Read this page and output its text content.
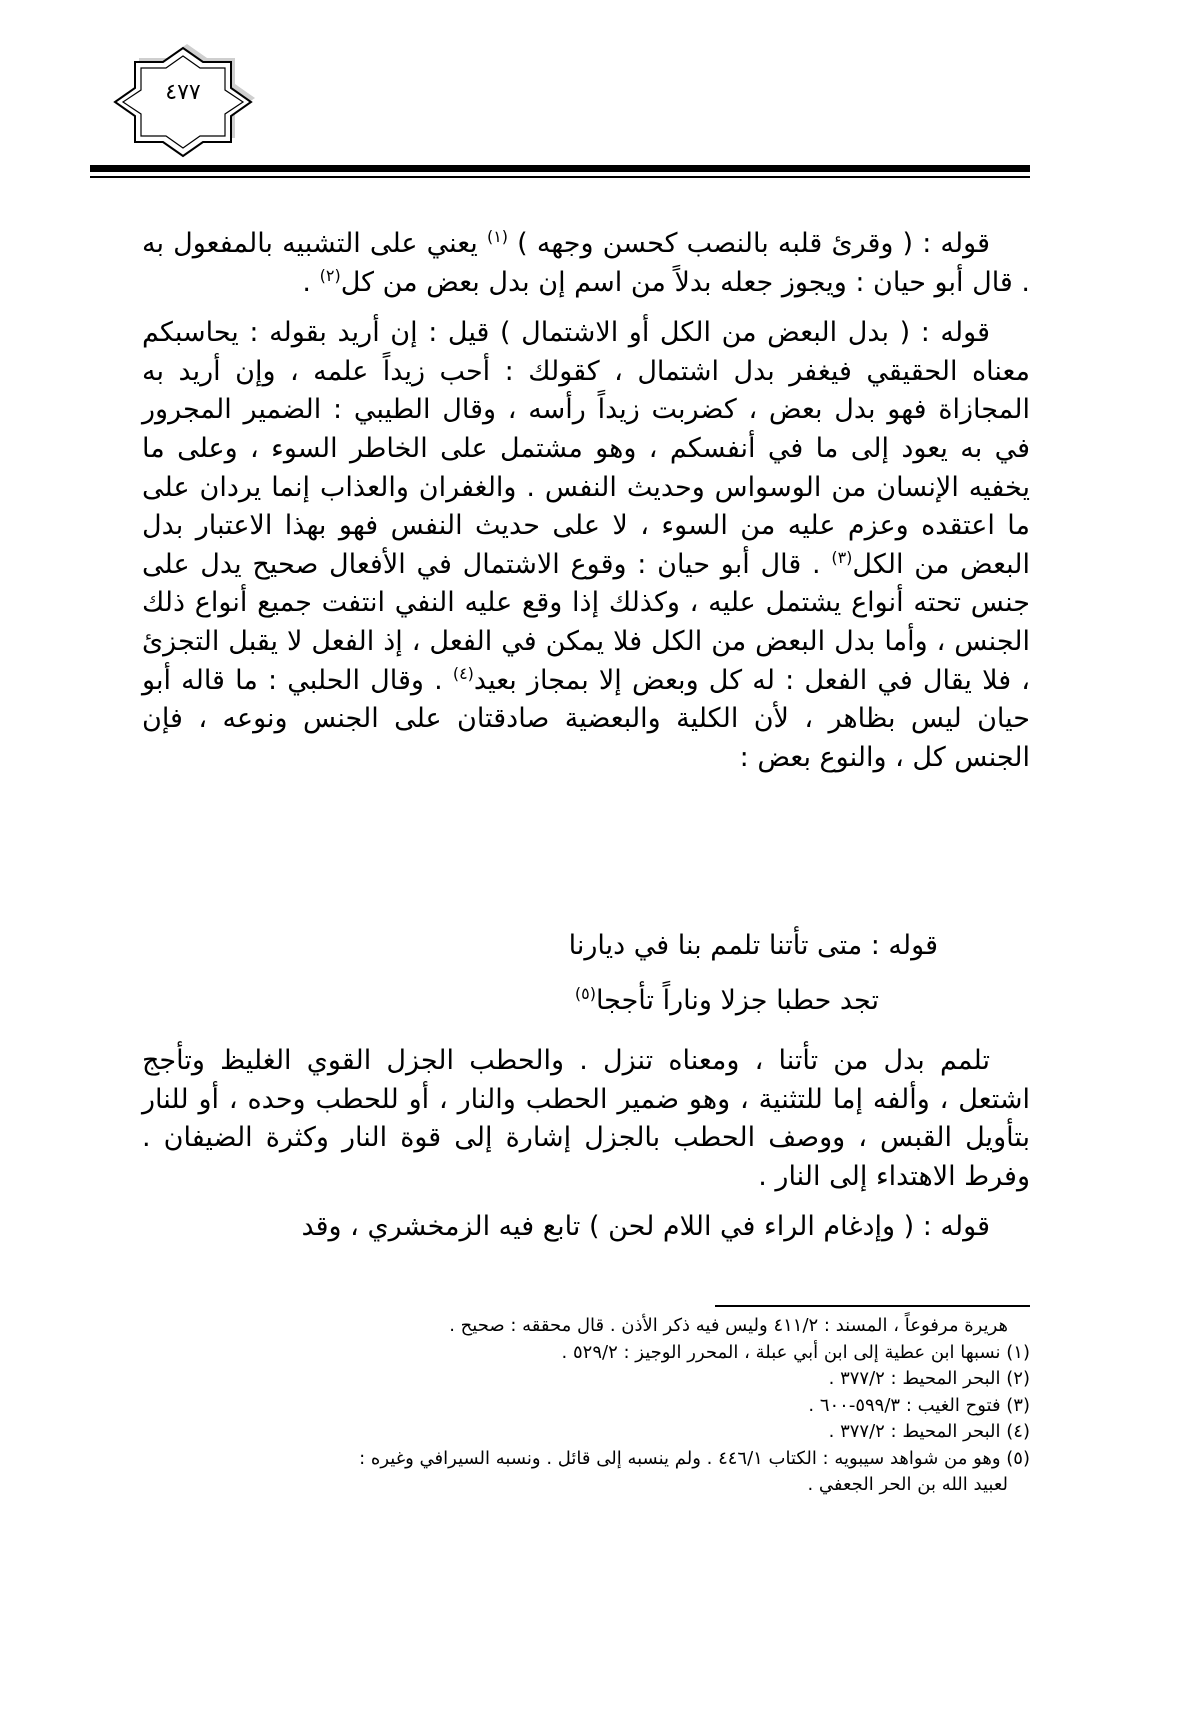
٤٧٧

قوله : ( وقرئ قلبه بالنصب كحسن وجهه ) $^{(١)}$ يعني على التشبيه بالمفعول به . قال أبو حيان : ويجوز جعله بدلاً من اسم إن بدل بعض من كل$^{(٢)}$ .

قوله : ( بدل البعض من الكل أو الاشتمال ) قيل : إن أريد بقوله : يحاسبكم معناه الحقيقي فيغفر بدل اشتمال ، كقولك : أحب زيداً علمه ، وإن أريد به المجازاة فهو بدل بعض ، كضربت زيداً رأسه ، وقال الطيبي : الضمير المجرور في به يعود إلى ما في أنفسكم ، وهو مشتمل على الخاطر السوء ، وعلى ما يخفيه الإنسان من الوسواس وحديث النفس . والغفران والعذاب إنما يردان على ما اعتقده وعزم عليه من السوء ، لا على حديث النفس فهو بهذا الاعتبار بدل البعض من الكل$^{(٣)}$ . قال أبو حيان : وقوع الاشتمال في الأفعال صحيح يدل على جنس تحته أنواع يشتمل عليه ، وكذلك إذا وقع عليه النفي انتفت جميع أنواع ذلك الجنس ، وأما بدل البعض من الكل فلا يمكن في الفعل ، إذ الفعل لا يقبل التجزئ ، فلا يقال في الفعل : له كل وبعض إلا بمجاز بعيد$^{(٤)}$ . وقال الحلبي : ما قاله أبو حيان ليس بظاهر ، لأن الكلية والبعضية صادقتان على الجنس ونوعه ، فإن الجنس كل ، والنوع بعض :

قوله : متى تأتنا تلمم بنا في ديارنا
تجد حطبا جزلا وناراً تأججا$^{(٥)}$

تلمم بدل من تأتنا ، ومعناه تنزل . والحطب الجزل القوي الغليظ وتأجج اشتعل ، وألفه إما للتثنية ، وهو ضمير الحطب والنار ، أو للحطب وحده ، أو للنار بتأويل القبس ، ووصف الحطب بالجزل إشارة إلى قوة النار وكثرة الضيفان . وفرط الاهتداء إلى النار .

قوله : ( وإدغام الراء في اللام لحن ) تابع فيه الزمخشري ، وقد

هريرة مرفوعاً ، المسند : ٤١١/٢ وليس فيه ذكر الأذن . قال محققه : صحيح .

(١) نسبها ابن عطية إلى ابن أبي عبلة ، المحرر الوجيز : ٥٢٩/٢ .

(٢) البحر المحيط : ٣٧٧/٢ .

(٣) فتوح الغيب : ٥٩٩/٣-٦٠٠ .

(٤) البحر المحيط : ٣٧٧/٢ .

(٥) وهو من شواهد سيبويه : الكتاب ٤٤٦/١ . ولم ينسبه إلى قائل . ونسبه السيرافي وغيره :

لعبيد الله بن الحر الجعفي .
